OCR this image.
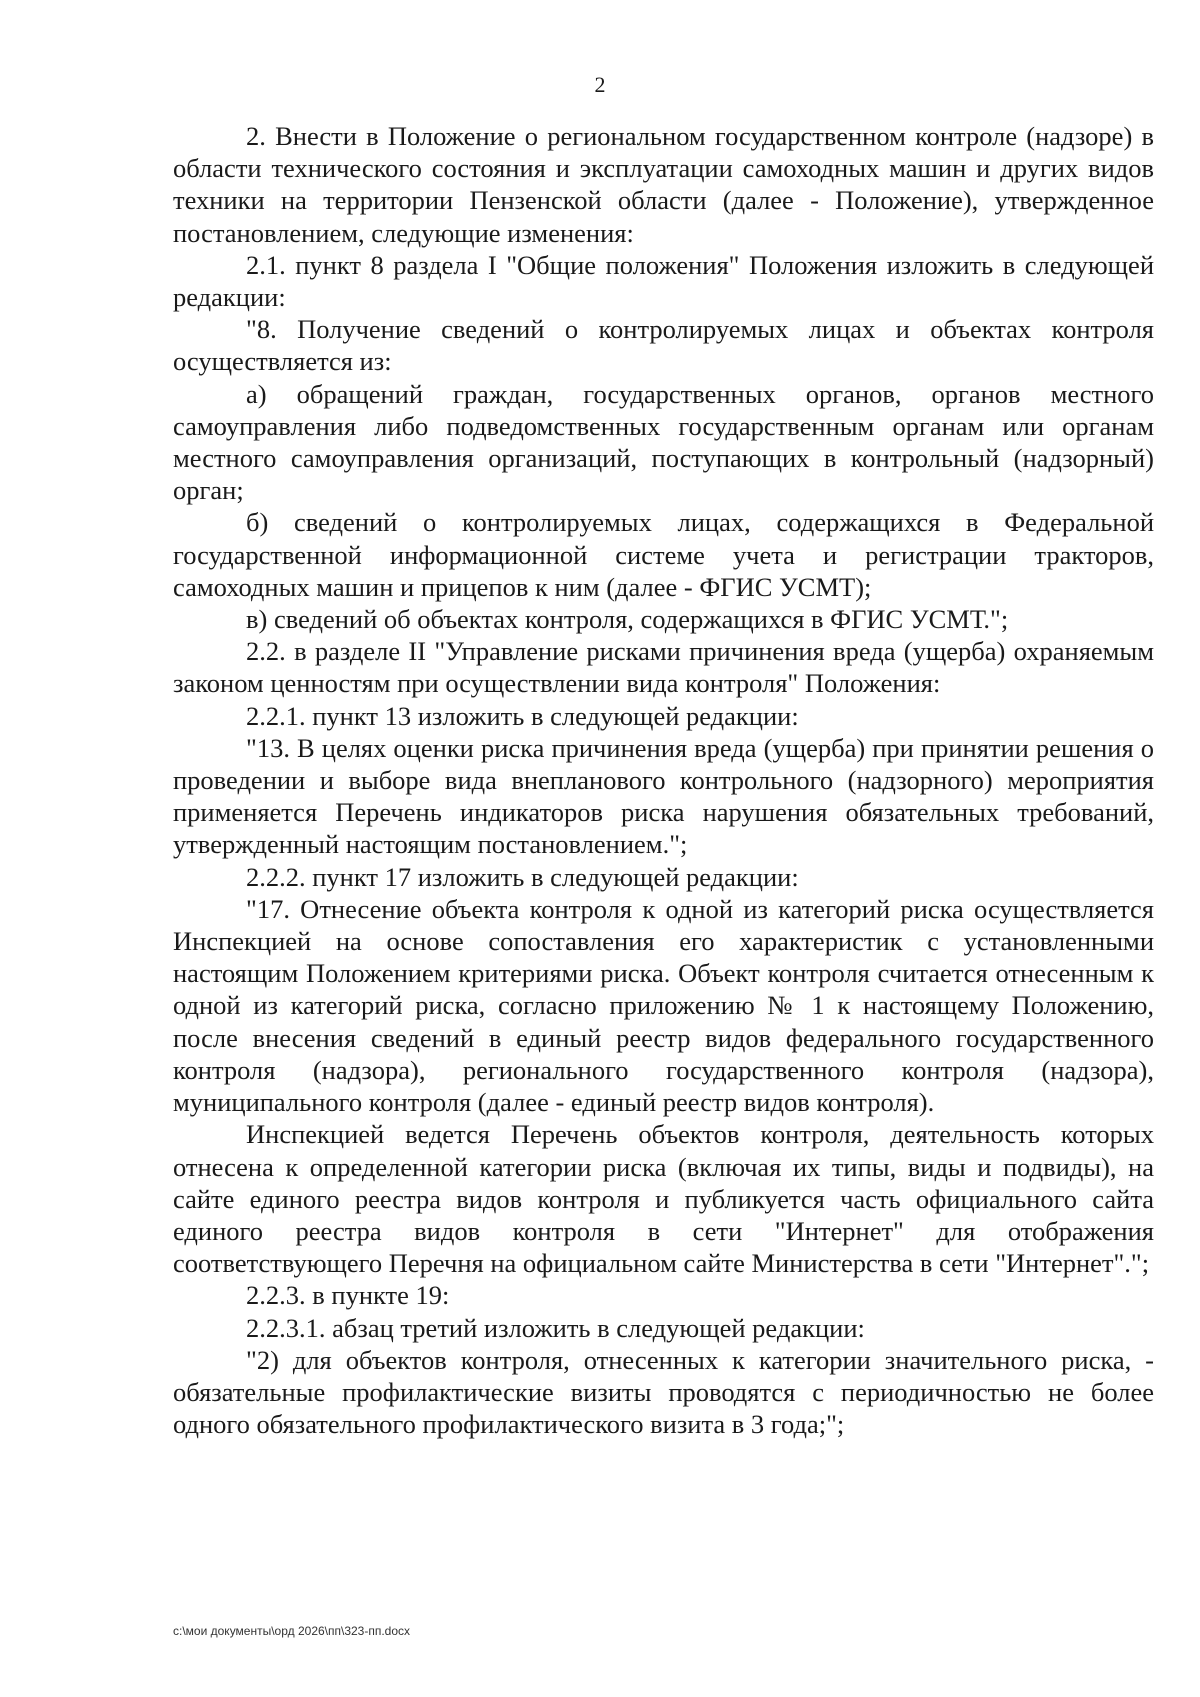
2

2. Внести в Положение о региональном государственном контроле (надзоре) в области технического состояния и эксплуатации самоходных машин и других видов техники на территории Пензенской области (далее - Положение), утвержденное постановлением, следующие изменения:

2.1. пункт 8 раздела I "Общие положения" Положения изложить в следующей редакции:

"8. Получение сведений о контролируемых лицах и объектах контроля осуществляется из:

а) обращений граждан, государственных органов, органов местного самоуправления либо подведомственных государственным органам или органам местного самоуправления организаций, поступающих в контрольный (надзорный) орган;

б) сведений о контролируемых лицах, содержащихся в Федеральной государственной информационной системе учета и регистрации тракторов, самоходных машин и прицепов к ним (далее - ФГИС УСМТ);

в) сведений об объектах контроля, содержащихся в ФГИС УСМТ.";

2.2. в разделе II "Управление рисками причинения вреда (ущерба) охраняемым законом ценностям при осуществлении вида контроля" Положения:

2.2.1. пункт 13 изложить в следующей редакции:

"13. В целях оценки риска причинения вреда (ущерба) при принятии решения о проведении и выборе вида внепланового контрольного (надзорного) мероприятия применяется Перечень индикаторов риска нарушения обязательных требований, утвержденный настоящим постановлением.";

2.2.2. пункт 17 изложить в следующей редакции:

"17. Отнесение объекта контроля к одной из категорий риска осуществляется Инспекцией на основе сопоставления его характеристик с установленными настоящим Положением критериями риска. Объект контроля считается отнесенным к одной из категорий риска, согласно приложению № 1 к настоящему Положению, после внесения сведений в единый реестр видов федерального государственного контроля (надзора), регионального государственного контроля (надзора), муниципального контроля (далее - единый реестр видов контроля).

Инспекцией ведется Перечень объектов контроля, деятельность которых отнесена к определенной категории риска (включая их типы, виды и подвиды), на сайте единого реестра видов контроля и публикуется часть официального сайта единого реестра видов контроля в сети "Интернет" для отображения соответствующего Перечня на официальном сайте Министерства в сети "Интернет".";

2.2.3. в пункте 19:

2.2.3.1. абзац третий изложить в следующей редакции:

"2) для объектов контроля, отнесенных к категории значительного риска, - обязательные профилактические визиты проводятся с периодичностью не более одного обязательного профилактического визита в 3 года;";

c:\мои документы\орд 2026\пп\323-пп.docx
